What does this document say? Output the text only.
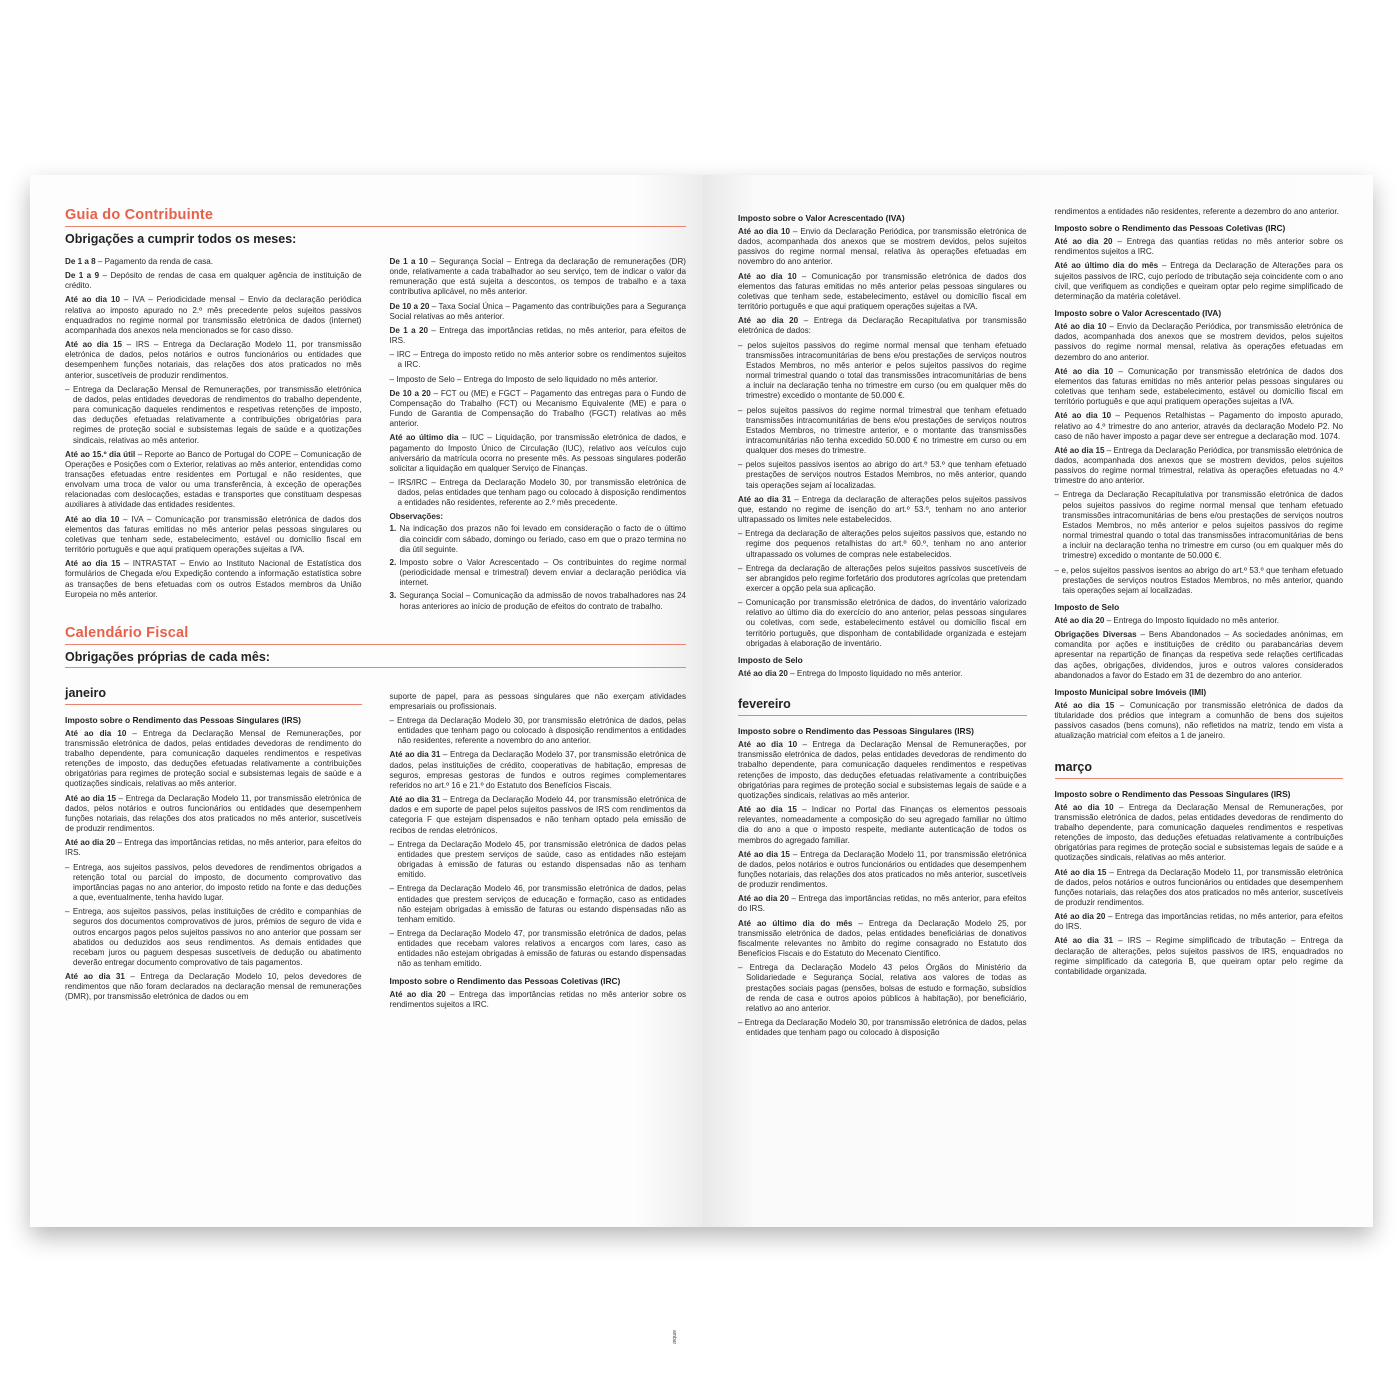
Guia do Contribuinte
Obrigações a cumprir todos os meses:

De 1 a 8 – Pagamento da renda de casa.

De 1 a 9 – Depósito de rendas de casa em qualquer agência de instituição de crédito.

Até ao dia 10 – IVA – Periodicidade mensal – Envio da declaração periódica relativa ao imposto apurado no 2.º mês precedente pelos sujeitos passivos enquadrados no regime normal por transmissão eletrónica de dados (internet) acompanhada dos anexos nela mencionados se for caso disso.

Até ao dia 15 – IRS – Entrega da Declaração Modelo 11, por transmissão eletrónica de dados, pelos notários e outros funcionários ou entidades que desempenhem funções notariais, das relações dos atos praticados no mês anterior, suscetíveis de produzir rendimentos.

– Entrega da Declaração Mensal de Remunerações, por transmissão eletrónica de dados, pelas entidades devedoras de rendimentos do trabalho dependente, para comunicação daqueles rendimentos e respetivas retenções de imposto, das deduções efetuadas relativamente a contribuições obrigatórias para regimes de proteção social e subsistemas legais de saúde e a quotizações sindicais, relativas ao mês anterior.

Até ao 15.º dia útil – Reporte ao Banco de Portugal do COPE – Comunicação de Operações e Posições com o Exterior, relativas ao mês anterior, entendidas como transações efetuadas entre residentes em Portugal e não residentes, que envolvam uma troca de valor ou uma transferência, à exceção de operações relacionadas com deslocações, estadas e transportes que constituam despesas auxiliares à atividade das entidades residentes.

Até ao dia 10 – IVA – Comunicação por transmissão eletrónica de dados dos elementos das faturas emitidas no mês anterior pelas pessoas singulares ou coletivas que tenham sede, estabelecimento, estável ou domicílio fiscal em território português e que aqui pratiquem operações sujeitas a IVA.

Até ao dia 15 – INTRASTAT – Envio ao Instituto Nacional de Estatística dos formulários de Chegada e/ou Expedição contendo a informação estatística sobre as transações de bens efetuadas com os outros Estados membros da União Europeia no mês anterior.

De 1 a 10 – Segurança Social – Entrega da declaração de remunerações (DR) onde, relativamente a cada trabalhador ao seu serviço, tem de indicar o valor da remuneração que está sujeita a descontos, os tempos de trabalho e a taxa contributiva aplicável, no mês anterior.

De 10 a 20 – Taxa Social Única – Pagamento das contribuições para a Segurança Social relativas ao mês anterior.

De 1 a 20 – Entrega das importâncias retidas, no mês anterior, para efeitos de IRS.

– IRC – Entrega do imposto retido no mês anterior sobre os rendimentos sujeitos a IRC.

– Imposto de Selo – Entrega do Imposto de selo liquidado no mês anterior.

De 10 a 20 – FCT ou (ME) e FGCT – Pagamento das entregas para o Fundo de Compensação do Trabalho (FCT) ou Mecanismo Equivalente (ME) e para o Fundo de Garantia de Compensação do Trabalho (FGCT) relativas ao mês anterior.

Até ao último dia – IUC – Liquidação, por transmissão eletrónica de dados, e pagamento do Imposto Único de Circulação (IUC), relativo aos veículos cujo aniversário da matrícula ocorra no presente mês. As pessoas singulares poderão solicitar a liquidação em qualquer Serviço de Finanças.

– IRS/IRC – Entrega da Declaração Modelo 30, por transmissão eletrónica de dados, pelas entidades que tenham pago ou colocado à disposição rendimentos a entidades não residentes, referente ao 2.º mês precedente.

Observações:
1. Na indicação dos prazos não foi levado em consideração o facto de o último dia coincidir com sábado, domingo ou feriado, caso em que o prazo termina no dia útil seguinte.

2. Imposto sobre o Valor Acrescentado – Os contribuintes do regime normal (periodicidade mensal e trimestral) devem enviar a declaração periódica via internet.

3. Segurança Social – Comunicação da admissão de novos trabalhadores nas 24 horas anteriores ao início de produção de efeitos do contrato de trabalho.

Calendário Fiscal
Obrigações próprias de cada mês:
janeiro
Imposto sobre o Rendimento das Pessoas Singulares (IRS)

Até ao dia 10 – Entrega da Declaração Mensal de Remunerações, por transmissão eletrónica de dados, pelas entidades devedoras de rendimento do trabalho dependente, para comunicação daqueles rendimentos e respetivas retenções de imposto, das deduções efetuadas relativamente a contribuições obrigatórias para regimes de proteção social e subsistemas legais de saúde e a quotizações sindicais, relativas ao mês anterior.

Até ao dia 15 – Entrega da Declaração Modelo 11, por transmissão eletrónica de dados, pelos notários e outros funcionários ou entidades que desempenhem funções notariais, das relações dos atos praticados no mês anterior, suscetíveis de produzir rendimentos.

Até ao dia 20 – Entrega das importâncias retidas, no mês anterior, para efeitos do IRS.

– Entrega, aos sujeitos passivos, pelos devedores de rendimentos obrigados a retenção total ou parcial do imposto, de documento comprovativo das importâncias pagas no ano anterior, do imposto retido na fonte e das deduções a que, eventualmente, tenha havido lugar.

– Entrega, aos sujeitos passivos, pelas instituições de crédito e companhias de seguros dos documentos comprovativos de juros, prémios de seguro de vida e outros encargos pagos pelos sujeitos passivos no ano anterior que possam ser abatidos ou deduzidos aos seus rendimentos. As demais entidades que recebam juros ou paguem despesas suscetíveis de dedução ou abatimento deverão entregar documento comprovativo de tais pagamentos.

Até ao dia 31 – Entrega da Declaração Modelo 10, pelos devedores de rendimentos que não foram declarados na declaração mensal de remunerações (DMR), por transmissão eletrónica de dados ou em

suporte de papel, para as pessoas singulares que não exerçam atividades empresariais ou profissionais.

– Entrega da Declaração Modelo 30, por transmissão eletrónica de dados, pelas entidades que tenham pago ou colocado à disposição rendimentos a entidades não residentes, referente a novembro do ano anterior.

Até ao dia 31 – Entrega da Declaração Modelo 37, por transmissão eletrónica de dados, pelas instituições de crédito, cooperativas de habitação, empresas de seguros, empresas gestoras de fundos e outros regimes complementares referidos no art.º 16 e 21.º do Estatuto dos Benefícios Fiscais.

Até ao dia 31 – Entrega da Declaração Modelo 44, por transmissão eletrónica de dados e em suporte de papel pelos sujeitos passivos de IRS com rendimentos da categoria F que estejam dispensados e não tenham optado pela emissão de recibos de rendas eletrónicos.

– Entrega da Declaração Modelo 45, por transmissão eletrónica de dados pelas entidades que prestem serviços de saúde, caso as entidades não estejam obrigadas à emissão de faturas ou estando dispensadas não as tenham emitido.

– Entrega da Declaração Modelo 46, por transmissão eletrónica de dados, pelas entidades que prestem serviços de educação e formação, caso as entidades não estejam obrigadas à emissão de faturas ou estando dispensadas não as tenham emitido.

– Entrega da Declaração Modelo 47, por transmissão eletrónica de dados, pelas entidades que recebam valores relativos a encargos com lares, caso as entidades não estejam obrigadas à emissão de faturas ou estando dispensadas não as tenham emitido.

Imposto sobre o Rendimento das Pessoas Coletivas (IRC)

Até ao dia 20 – Entrega das importâncias retidas no mês anterior sobre os rendimentos sujeitos a IRC.

ambar
Imposto sobre o Valor Acrescentado (IVA)

Até ao dia 10 – Envio da Declaração Periódica, por transmissão eletrónica de dados, acompanhada dos anexos que se mostrem devidos, pelos sujeitos passivos do regime normal mensal, relativa às operações efetuadas em novembro do ano anterior.

Até ao dia 10 – Comunicação por transmissão eletrónica de dados dos elementos das faturas emitidas no mês anterior pelas pessoas singulares ou coletivas que tenham sede, estabelecimento, estável ou domicílio fiscal em território português e que aqui pratiquem operações sujeitas a IVA.

Até ao dia 20 – Entrega da Declaração Recapitulativa por transmissão eletrónica de dados:

– pelos sujeitos passivos do regime normal mensal que tenham efetuado transmissões intracomunitárias de bens e/ou prestações de serviços noutros Estados Membros, no mês anterior e pelos sujeitos passivos do regime normal trimestral quando o total das transmissões intracomunitárias de bens a incluir na declaração tenha no trimestre em curso (ou em qualquer mês do trimestre) excedido o montante de 50.000 €.

– pelos sujeitos passivos do regime normal trimestral que tenham efetuado transmissões intracomunitárias de bens e/ou prestações de serviços noutros Estados Membros, no trimestre anterior, e o montante das transmissões intracomunitárias não tenha excedido 50.000 € no trimestre em curso ou em qualquer dos meses do trimestre.

– pelos sujeitos passivos isentos ao abrigo do art.º 53.º que tenham efetuado prestações de serviços noutros Estados Membros, no mês anterior, quando tais operações sejam aí localizadas.

Até ao dia 31 – Entrega da declaração de alterações pelos sujeitos passivos que, estando no regime de isenção do art.º 53.º, tenham no ano anterior ultrapassado os limites nele estabelecidos.

– Entrega da declaração de alterações pelos sujeitos passivos que, estando no regime dos pequenos retalhistas do art.º 60.º, tenham no ano anterior ultrapassado os volumes de compras nele estabelecidos.

– Entrega da declaração de alterações pelos sujeitos passivos suscetíveis de ser abrangidos pelo regime forfetário dos produtores agrícolas que pretendam exercer a opção pela sua aplicação.

– Comunicação por transmissão eletrónica de dados, do inventário valorizado relativo ao último dia do exercício do ano anterior, pelas pessoas singulares ou coletivas, com sede, estabelecimento estável ou domicílio fiscal em território português, que disponham de contabilidade organizada e estejam obrigadas à elaboração de inventário.

Imposto de Selo

Até ao dia 20 – Entrega do Imposto liquidado no mês anterior.

fevereiro
Imposto sobre o Rendimento das Pessoas Singulares (IRS)

Até ao dia 10 – Entrega da Declaração Mensal de Remunerações, por transmissão eletrónica de dados, pelas entidades devedoras de rendimento do trabalho dependente, para comunicação daqueles rendimentos e respetivas retenções de imposto, das deduções efetuadas relativamente a contribuições obrigatórias para regimes de proteção social e subsistemas legais de saúde e a quotizações sindicais, relativas ao mês anterior.

Até ao dia 15 – Indicar no Portal das Finanças os elementos pessoais relevantes, nomeadamente a composição do seu agregado familiar no último dia do ano a que o imposto respeite, mediante autenticação de todos os membros do agregado familiar.

Até ao dia 15 – Entrega da Declaração Modelo 11, por transmissão eletrónica de dados, pelos notários e outros funcionários ou entidades que desempenhem funções notariais, das relações dos atos praticados no mês anterior, suscetíveis de produzir rendimentos.

Até ao dia 20 – Entrega das importâncias retidas, no mês anterior, para efeitos do IRS.

Até ao último dia do mês – Entrega da Declaração Modelo 25, por transmissão eletrónica de dados, pelas entidades beneficiárias de donativos fiscalmente relevantes no âmbito do regime consagrado no Estatuto dos Benefícios Fiscais e do Estatuto do Mecenato Científico.

– Entrega da Declaração Modelo 43 pelos Órgãos do Ministério da Solidariedade e Segurança Social, relativa aos valores de todas as prestações sociais pagas (pensões, bolsas de estudo e formação, subsídios de renda de casa e outros apoios públicos à habitação), por beneficiário, relativo ao ano anterior.

– Entrega da Declaração Modelo 30, por transmissão eletrónica de dados, pelas entidades que tenham pago ou colocado à disposição

rendimentos a entidades não residentes, referente a dezembro do ano anterior.

Imposto sobre o Rendimento das Pessoas Coletivas (IRC)

Até ao dia 20 – Entrega das quantias retidas no mês anterior sobre os rendimentos sujeitos a IRC.

Até ao último dia do mês – Entrega da Declaração de Alterações para os sujeitos passivos de IRC, cujo período de tributação seja coincidente com o ano civil, que verifiquem as condições e queiram optar pelo regime simplificado de determinação da matéria coletável.

Imposto sobre o Valor Acrescentado (IVA)

Até ao dia 10 – Envio da Declaração Periódica, por transmissão eletrónica de dados, acompanhada dos anexos que se mostrem devidos, pelos sujeitos passivos do regime normal mensal, relativa às operações efetuadas em dezembro do ano anterior.

Até ao dia 10 – Comunicação por transmissão eletrónica de dados dos elementos das faturas emitidas no mês anterior pelas pessoas singulares ou coletivas que tenham sede, estabelecimento, estável ou domicílio fiscal em território português e que aqui pratiquem operações sujeitas a IVA.

Até ao dia 10 – Pequenos Retalhistas – Pagamento do imposto apurado, relativo ao 4.º trimestre do ano anterior, através da declaração Modelo P2. No caso de não haver imposto a pagar deve ser entregue a declaração mod. 1074.

Até ao dia 15 – Entrega da Declaração Periódica, por transmissão eletrónica de dados, acompanhada dos anexos que se mostrem devidos, pelos sujeitos passivos do regime normal trimestral, relativa às operações efetuadas no 4.º trimestre do ano anterior.

– Entrega da Declaração Recapitulativa por transmissão eletrónica de dados pelos sujeitos passivos do regime normal mensal que tenham efetuado transmissões intracomunitárias de bens e/ou prestações de serviços noutros Estados Membros, no mês anterior e pelos sujeitos passivos do regime normal trimestral quando o total das transmissões intracomunitárias de bens a incluir na declaração tenha no trimestre em curso (ou em qualquer mês do trimestre) excedido o montante de 50.000 €.

– e, pelos sujeitos passivos isentos ao abrigo do art.º 53.º que tenham efetuado prestações de serviços noutros Estados Membros, no mês anterior, quando tais operações sejam aí localizadas.

Imposto de Selo

Até ao dia 20 – Entrega do Imposto liquidado no mês anterior.

Obrigações Diversas – Bens Abandonados – As sociedades anónimas, em comandita por ações e instituições de crédito ou parabancárias devem apresentar na repartição de finanças da respetiva sede relações certificadas das ações, obrigações, dividendos, juros e outros valores considerados abandonados a favor do Estado em 31 de dezembro do ano anterior.

Imposto Municipal sobre Imóveis (IMI)

Até ao dia 15 – Comunicação por transmissão eletrónica de dados da titularidade dos prédios que integram a comunhão de bens dos sujeitos passivos casados (bens comuns), não refletidos na matriz, tendo em vista a atualização matricial com efeitos a 1 de janeiro.

março
Imposto sobre o Rendimento das Pessoas Singulares (IRS)

Até ao dia 10 – Entrega da Declaração Mensal de Remunerações, por transmissão eletrónica de dados, pelas entidades devedoras de rendimento do trabalho dependente, para comunicação daqueles rendimentos e respetivas retenções de imposto, das deduções efetuadas relativamente a contribuições obrigatórias para regimes de proteção social e subsistemas legais de saúde e a quotizações sindicais, relativas ao mês anterior.

Até ao dia 15 – Entrega da Declaração Modelo 11, por transmissão eletrónica de dados, pelos notários e outros funcionários ou entidades que desempenhem funções notariais, das relações dos atos praticados no mês anterior, suscetíveis de produzir rendimentos.

Até ao dia 20 – Entrega das importâncias retidas, no mês anterior, para efeitos do IRS.

Até ao dia 31 – IRS – Regime simplificado de tributação – Entrega da declaração de alterações, pelos sujeitos passivos de IRS, enquadrados no regime simplificado da categoria B, que queiram optar pelo regime da contabilidade organizada.
